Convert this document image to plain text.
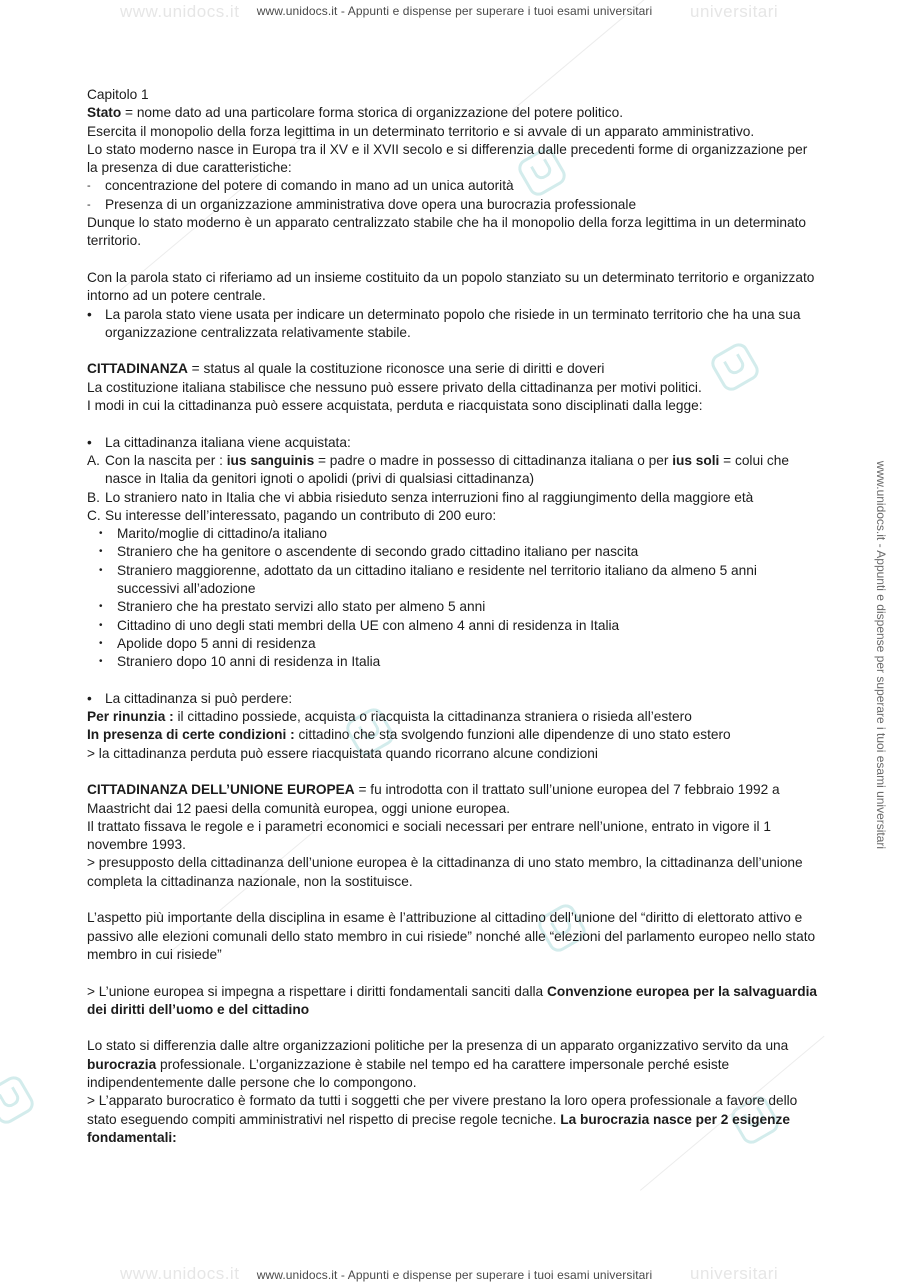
www.unidocs.it	universitari
www.unidocs.it - Appunti e dispense per superare i tuoi esami universitari
www.unidocs.it	universitari
www.unidocs.it - Appunti e dispense per superare i tuoi esami universitari
www.unidocs.it - Appunti e dispense per superare i tuoi esami universitari

Capitolo 1

Stato = nome dato ad una particolare forma storica di organizzazione del potere politico.

Esercita il monopolio della forza legittima in un determinato territorio e si avvale di un apparato amministrativo.

Lo stato moderno nasce in Europa tra il XV e il XVII secolo e si differenzia dalle precedenti forme di organizzazione per la presenza di due caratteristiche:

- concentrazione del potere di comando in mano ad un unica autorità
- Presenza di un organizzazione amministrativa dove opera una burocrazia professionale

Dunque lo stato moderno è un apparato centralizzato stabile che ha il monopolio della forza legittima in un determinato territorio.

Con la parola stato ci riferiamo ad un insieme costituito da un popolo stanziato su un determinato territorio e organizzato intorno ad un potere centrale.

• La parola stato viene usata per indicare un determinato popolo che risiede in un terminato territorio che ha una sua organizzazione centralizzata relativamente stabile.

CITTADINANZA = status al quale la costituzione riconosce una serie di diritti e doveri

La costituzione italiana stabilisce che nessuno può essere privato della cittadinanza per motivi politici.

I modi in cui la cittadinanza può essere acquistata, perduta e riacquistata sono disciplinati dalla legge:

• La cittadinanza italiana viene acquistata:
A. Con la nascita per : ius sanguinis = padre o madre in possesso di cittadinanza italiana o per ius soli = colui che nasce in Italia da genitori ignoti o apolidi (privi di qualsiasi cittadinanza)
B. Lo straniero nato in Italia che vi abbia risieduto senza interruzioni fino al raggiungimento della maggiore età
C. Su interesse dell’interessato, pagando un contributo di 200 euro:
• Marito/moglie di cittadino/a italiano
• Straniero che ha genitore o ascendente di secondo grado cittadino italiano per nascita
• Straniero maggiorenne, adottato da un cittadino italiano e residente nel territorio italiano da almeno 5 anni successivi all’adozione
• Straniero che ha prestato servizi allo stato per almeno 5 anni
• Cittadino di uno degli stati membri della UE con almeno 4 anni di residenza in Italia
• Apolide dopo 5 anni di residenza
• Straniero dopo 10 anni di residenza in Italia
• La cittadinanza si può perdere:

Per rinunzia : il cittadino possiede, acquista o riacquista la cittadinanza straniera o risieda all’estero

In presenza di certe condizioni : cittadino che sta svolgendo funzioni alle dipendenze di uno stato estero

> la cittadinanza perduta può essere riacquistata quando ricorrano alcune condizioni

CITTADINANZA DELL’UNIONE EUROPEA = fu introdotta con il trattato sull’unione europea del 7 febbraio 1992 a Maastricht dai 12 paesi della comunità europea, oggi unione europea.

Il trattato fissava le regole e i parametri economici e sociali necessari per entrare nell’unione, entrato in vigore il 1 novembre 1993.

> presupposto della cittadinanza dell’unione europea è la cittadinanza di uno stato membro, la cittadinanza dell’unione completa la cittadinanza nazionale, non la sostituisce.

L’aspetto più importante della disciplina in esame è l’attribuzione al cittadino dell’unione del “diritto di elettorato attivo e passivo alle elezioni comunali dello stato membro in cui risiede” nonché alle “elezioni del parlamento europeo nello stato membro in cui risiede”

> L’unione europea si impegna a rispettare i diritti fondamentali sanciti dalla Convenzione europea per la salvaguardia dei diritti dell’uomo e del cittadino

Lo stato si differenzia dalle altre organizzazioni politiche per la presenza di un apparato organizzativo servito da una burocrazia professionale. L’organizzazione è stabile nel tempo ed ha carattere impersonale perché esiste indipendentemente dalle persone che lo compongono.

> L’apparato burocratico è formato da tutti i soggetti che per vivere prestano la loro opera professionale a favore dello stato eseguendo compiti amministrativi nel rispetto di precise regole tecniche. La burocrazia nasce per 2 esigenze fondamentali:
